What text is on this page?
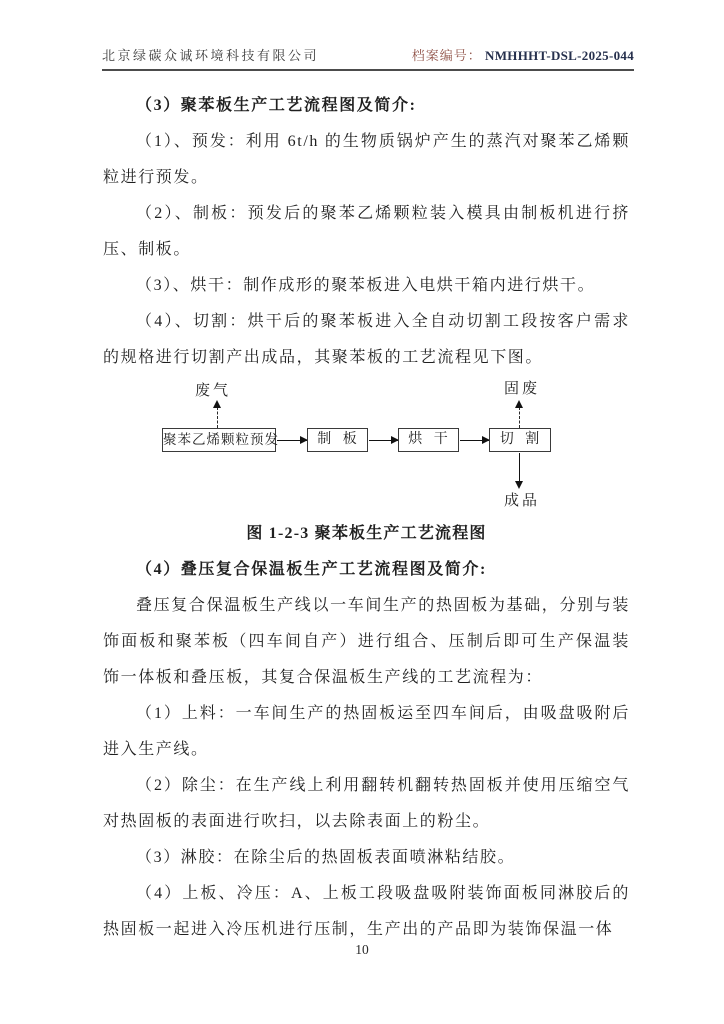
北京绿碳众诚环境科技有限公司	档案编号： NMHHHT-DSL-2025-044

（3）聚苯板生产工艺流程图及简介:

（1）、预发：利用 6t/h 的生物质锅炉产生的蒸汽对聚苯乙烯颗粒进行预发。

（2）、制板：预发后的聚苯乙烯颗粒装入模具由制板机进行挤压、制板。

（3）、烘干：制作成形的聚苯板进入电烘干箱内进行烘干。

（4）、切割：烘干后的聚苯板进入全自动切割工段按客户需求的规格进行切割产出成品，其聚苯板的工艺流程见下图。

废气	固废
聚苯乙烯颗粒预发	制 板	烘 干	切 割
成品

图 1-2-3 聚苯板生产工艺流程图

（4）叠压复合保温板生产工艺流程图及简介:

叠压复合保温板生产线以一车间生产的热固板为基础，分别与装饰面板和聚苯板（四车间自产）进行组合、压制后即可生产保温装饰一体板和叠压板，其复合保温板生产线的工艺流程为：

（1）上料：一车间生产的热固板运至四车间后，由吸盘吸附后进入生产线。

（2）除尘：在生产线上利用翻转机翻转热固板并使用压缩空气对热固板的表面进行吹扫，以去除表面上的粉尘。

（3）淋胶：在除尘后的热固板表面喷淋粘结胶。

（4）上板、冷压：A、上板工段吸盘吸附装饰面板同淋胶后的热固板一起进入冷压机进行压制，生产出的产品即为装饰保温一体

10
